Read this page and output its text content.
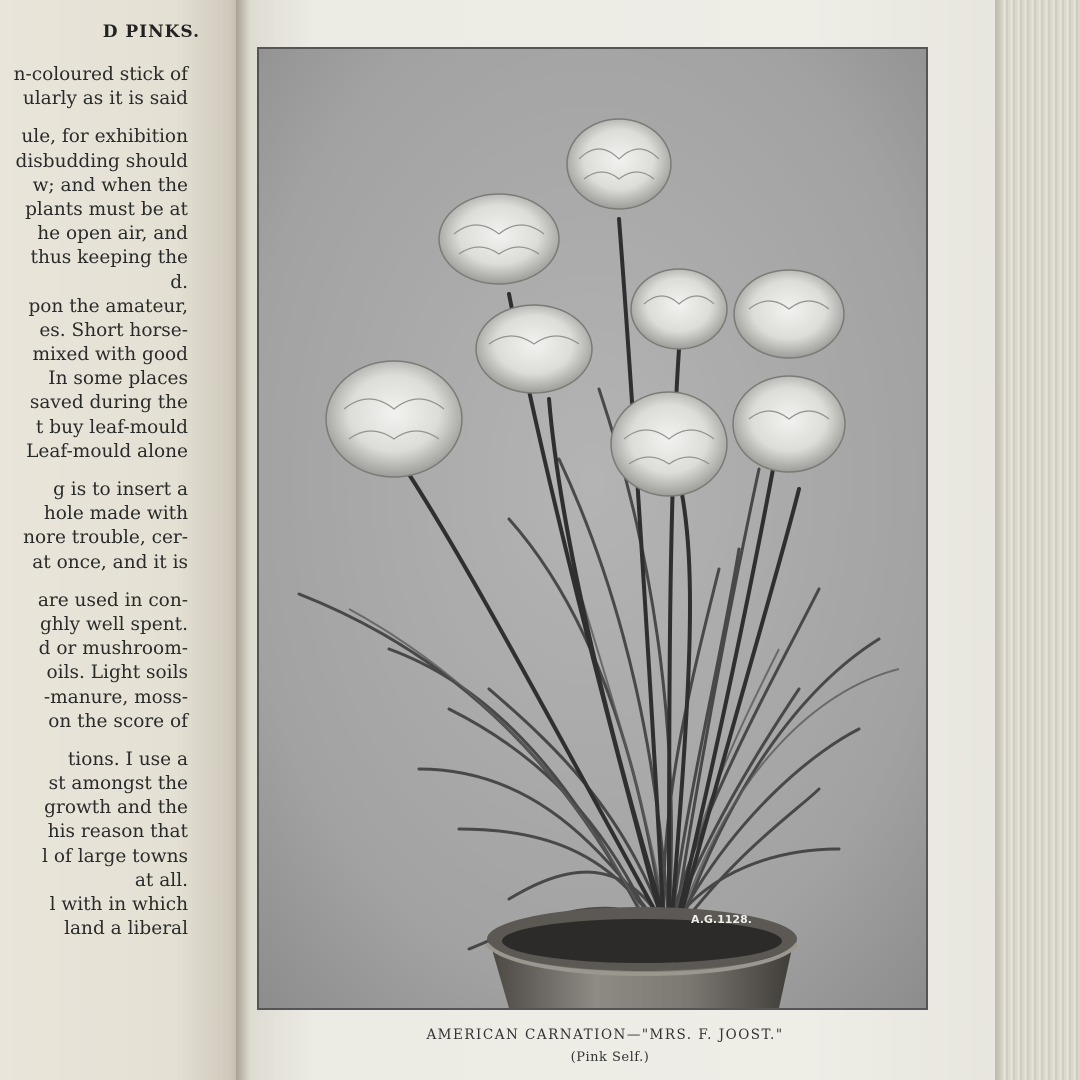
D PINKS.
n-coloured stick of
ularly as it is said
ule, for exhibition
disbudding should
w; and when the
plants must be at
he open air, and
thus keeping the
d.
pon the amateur,
es. Short horse-
mixed with good
In some places
saved during the
t buy leaf-mould
Leaf-mould alone
g is to insert a
hole made with
nore trouble, cer-
at once, and it is
are used in con-
ghly well spent.
d or mushroom-
oils. Light soils
-manure, moss-
on the score of
tions. I use a
st amongst the
growth and the
his reason that
l of large towns
at all.
l with in which
land a liberal	A.G.1128.
AMERICAN CARNATION—"MRS. F. JOOST."
(Pink Self.)
